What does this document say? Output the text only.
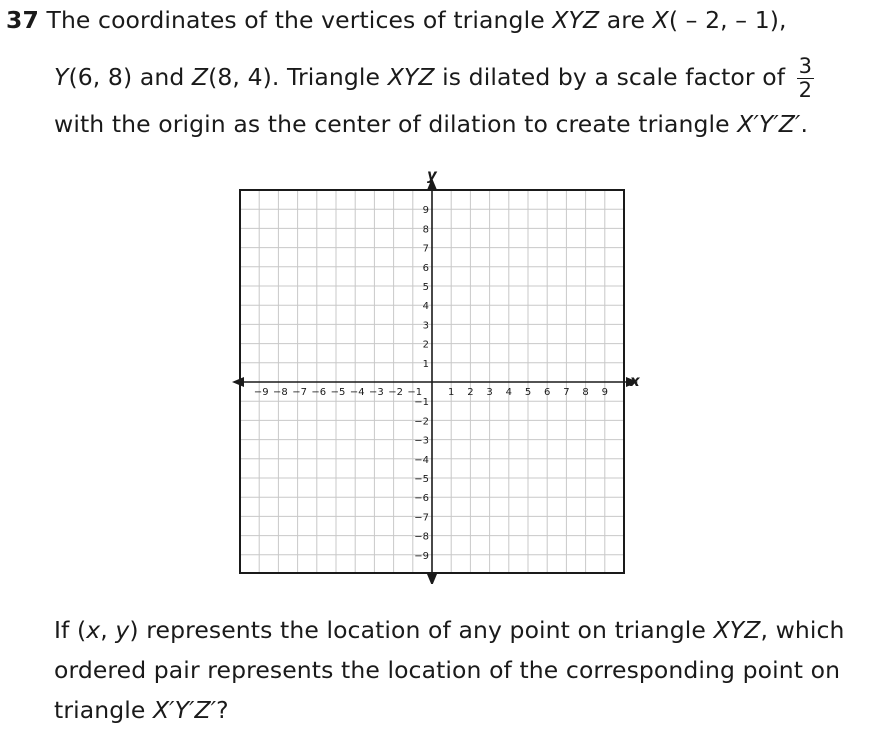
37 The coordinates of the vertices of triangle XYZ are X( – 2, – 1),
Y(6, 8) and Z(8, 4). Triangle XYZ is dilated by a scale factor of $\frac{3}{2}$
with the origin as the center of dilation to create triangle X′Y′Z′.
1
1
2
2
3
3
4
4
5
5
6
6
7
7
8
8
9
9
−1
−1
−2
−2
−3
−3
−4
−4
−5
−5
−6
−6
−7
−7
−8
−8
−9
−9
x
y
If (x, y) represents the location of any point on triangle XYZ, which
ordered pair represents the location of the corresponding point on
triangle X′Y′Z′?
